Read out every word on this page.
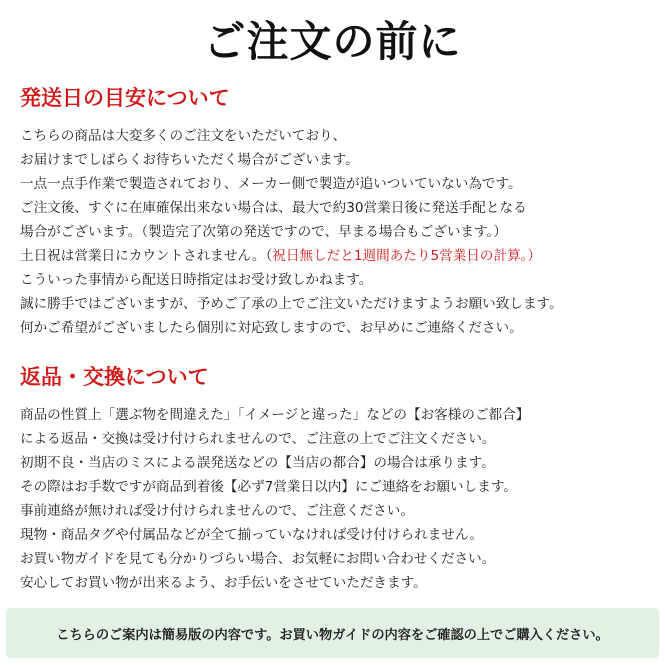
ご注文の前に
発送日の目安について
こちらの商品は大変多くのご注文をいただいており、
お届けまでしばらくお待ちいただく場合がございます。
一点一点手作業で製造されており、メーカー側で製造が追いついていない為です。
ご注文後、すぐに在庫確保出来ない場合は、最大で約30営業日後に発送手配となる
場合がございます。（製造完了次第の発送ですので、早まる場合もございます。）
土日祝は営業日にカウントされません。（祝日無しだと1週間あたり5営業日の計算。）
こういった事情から配送日時指定はお受け致しかねます。
誠に勝手ではございますが、予めご了承の上でご注文いただけますようお願い致します。
何かご希望がございましたら個別に対応致しますので、お早めにご連絡ください。
返品・交換について
商品の性質上「選ぶ物を間違えた」「イメージと違った」などの【お客様のご都合】
による返品・交換は受け付けられませんので、ご注意の上でご注文ください。
初期不良・当店のミスによる誤発送などの【当店の都合】の場合は承ります。
その際はお手数ですが商品到着後【必ず7営業日以内】にご連絡をお願いします。
事前連絡が無ければ受け付けられませんので、ご注意ください。
現物・商品タグや付属品などが全て揃っていなければ受け付けられません。
お買い物ガイドを見ても分かりづらい場合、お気軽にお問い合わせください。
安心してお買い物が出来るよう、お手伝いをさせていただきます。
こちらのご案内は簡易版の内容です。お買い物ガイドの内容をご確認の上でご購入ください。
